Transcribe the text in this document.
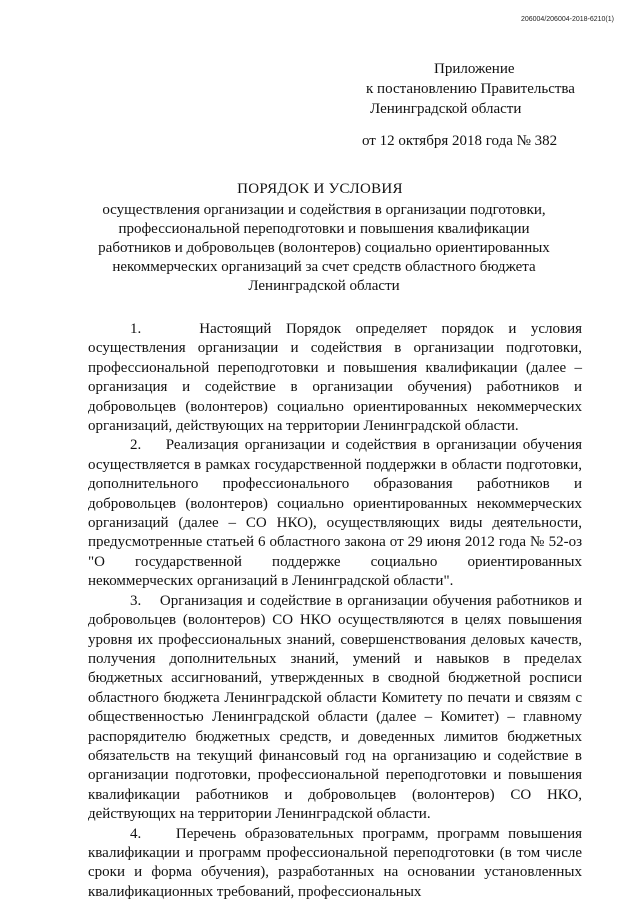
206004/206004-2018-6210(1)
Приложение
к постановлению Правительства
Ленинградской области
от 12 октября 2018 года № 382
ПОРЯДОК И УСЛОВИЯ
осуществления организации и содействия в организации подготовки,
профессиональной переподготовки и повышения квалификации
работников и добровольцев (волонтеров) социально ориентированных
некоммерческих организаций за счет средств областного бюджета
Ленинградской области

1.    Настоящий Порядок определяет порядок и условия осуществления организации и содействия в организации подготовки, профессиональной переподготовки и повышения квалификации (далее – организация и содействие в организации обучения) работников и добровольцев (волонтеров) социально ориентированных некоммерческих организаций, действующих на территории Ленинградской области.

2.    Реализация организации и содействия в организации обучения осуществляется в рамках государственной поддержки в области подготовки, дополнительного профессионального образования работников и добровольцев (волонтеров) социально ориентированных некоммерческих организаций (далее – СО НКО), осуществляющих виды деятельности, предусмотренные статьей 6 областного закона от 29 июня 2012 года № 52-оз "О государственной поддержке социально ориентированных некоммерческих организаций в Ленинградской области".

3.    Организация и содействие в организации обучения работников и добровольцев (волонтеров) СО НКО осуществляются в целях повышения уровня их профессиональных знаний, совершенствования деловых качеств, получения дополнительных знаний, умений и навыков в пределах бюджетных ассигнований, утвержденных в сводной бюджетной росписи областного бюджета Ленинградской области Комитету по печати и связям с общественностью Ленинградской области (далее – Комитет) – главному распорядителю бюджетных средств, и доведенных лимитов бюджетных обязательств на текущий финансовый год на организацию и содействие в организации подготовки, профессиональной переподготовки и повышения квалификации работников и добровольцев (волонтеров) СО НКО, действующих на территории Ленинградской области.

4.    Перечень образовательных программ, программ повышения квалификации и программ профессиональной переподготовки (в том числе сроки и форма обучения), разработанных на основании установленных квалификационных требований, профессиональных
